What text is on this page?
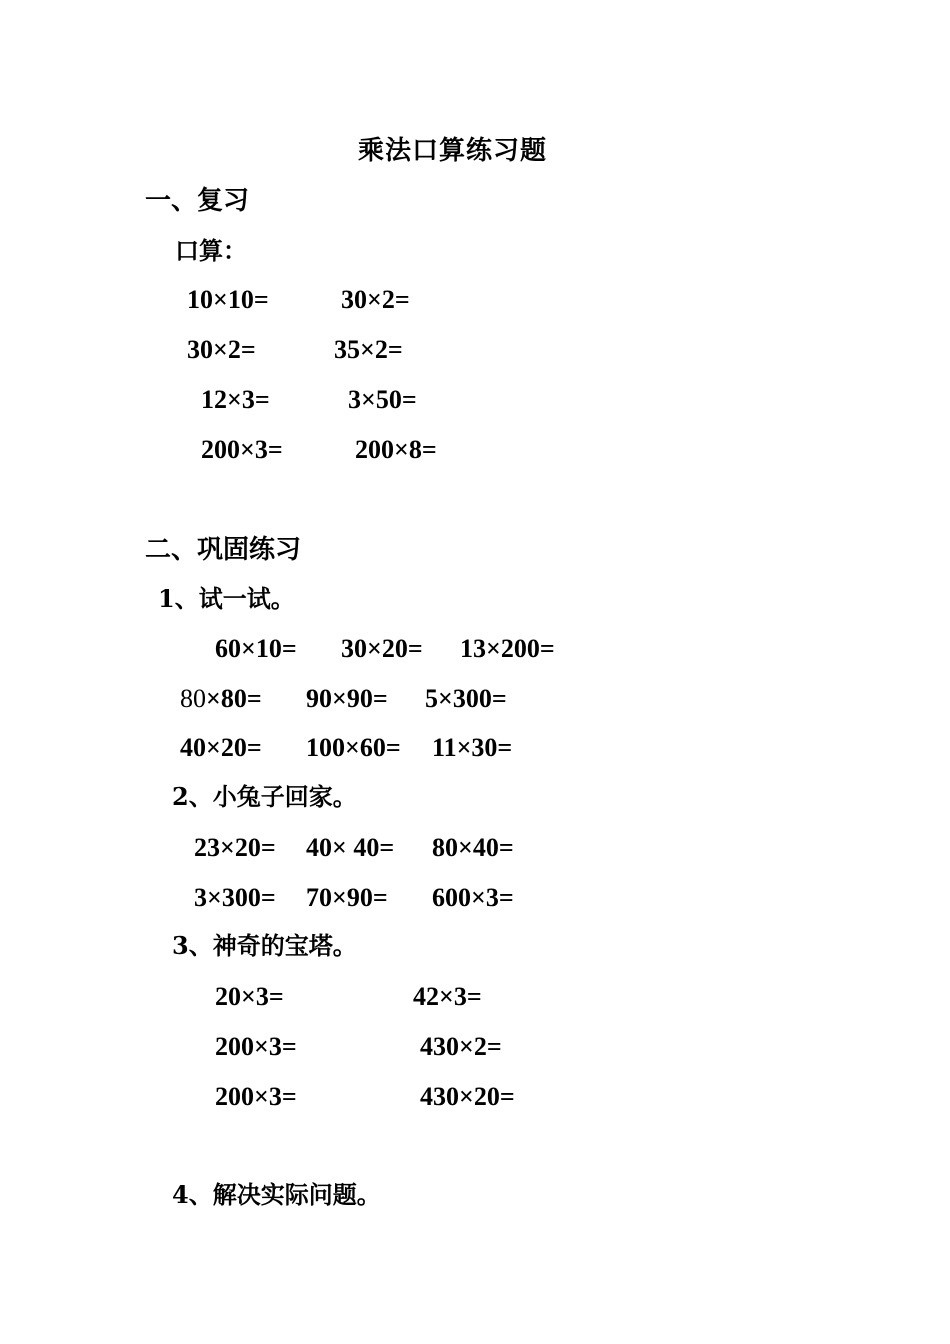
乘法口算练习题
一、复习
口算：
10×10=	30×2=
30×2=	35×2=
12×3=	3×50=
200×3=	200×8=
二、巩固练习
1、试一试。
60×10= 30×20= 13×200=
80×80= 90×90= 5×300=
40×20= 100×60= 11×30=
2、小兔子回家。
23×20= 40× 40= 80×40=
3×300= 70×90= 600×3=
3、神奇的宝塔。
20×3=	42×3=
200×3=	430×2=
200×3=	430×20=
4、解决实际问题。
